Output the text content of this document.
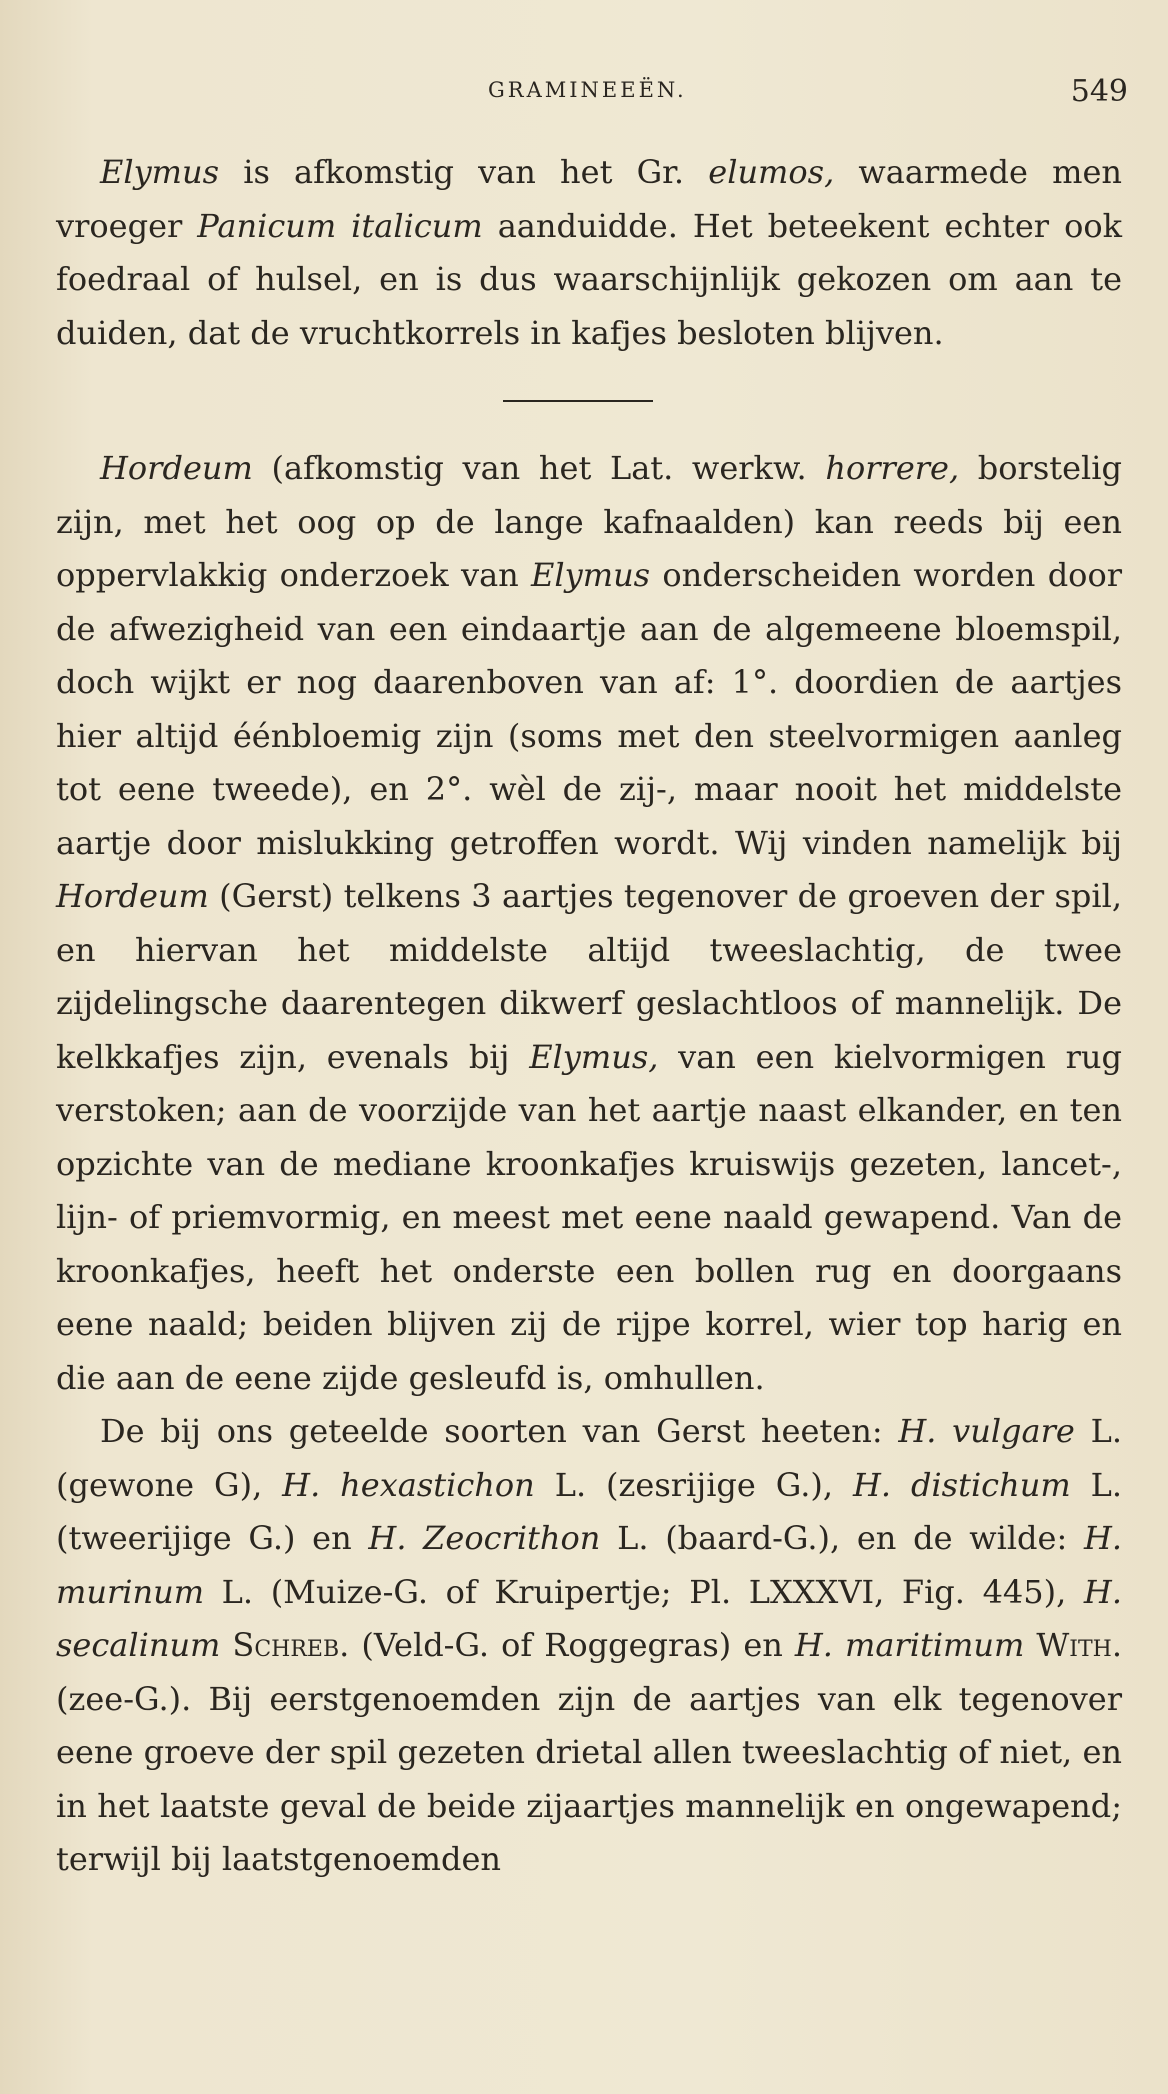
GRAMINEEËN.	549

Elymus is afkomstig van het Gr. elumos, waarmede men vroeger Panicum italicum aanduidde. Het beteekent echter ook foedraal of hulsel, en is dus waarschijnlijk gekozen om aan te duiden, dat de vruchtkorrels in kafjes besloten blijven.

Hordeum (afkomstig van het Lat. werkw. horrere, borstelig zijn, met het oog op de lange kafnaalden) kan reeds bij een oppervlakkig onderzoek van Elymus onderscheiden worden door de afwezigheid van een eindaartje aan de algemeene bloemspil, doch wijkt er nog daarenboven van af: 1°. doordien de aartjes hier altijd éénbloemig zijn (soms met den steelvormigen aanleg tot eene tweede), en 2°. wèl de zij-, maar nooit het middelste aartje door mislukking getroffen wordt. Wij vinden namelijk bij Hordeum (Gerst) telkens 3 aartjes tegenover de groeven der spil, en hiervan het middelste altijd tweeslachtig, de twee zijdelingsche daarentegen dikwerf geslachtloos of mannelijk. De kelkkafjes zijn, evenals bij Elymus, van een kielvormigen rug verstoken; aan de voorzijde van het aartje naast elkander, en ten opzichte van de mediane kroonkafjes kruiswijs gezeten, lancet-, lijn- of priemvormig, en meest met eene naald gewapend. Van de kroonkafjes, heeft het onderste een bollen rug en doorgaans eene naald; beiden blijven zij de rijpe korrel, wier top harig en die aan de eene zijde gesleufd is, omhullen.

De bij ons geteelde soorten van Gerst heeten: H. vulgare L. (gewone G), H. hexastichon L. (zesrijige G.), H. distichum L. (tweerijige G.) en H. Zeocrithon L. (baard-G.), en de wilde: H. murinum L. (Muize-G. of Kruipertje; Pl. LXXXVI, Fig. 445), H. secalinum Schreb. (Veld-G. of Roggegras) en H. maritimum With. (zee-G.). Bij eerstgenoemden zijn de aartjes van elk tegenover eene groeve der spil gezeten drietal allen tweeslachtig of niet, en in het laatste geval de beide zijaartjes mannelijk en ongewapend; terwijl bij laatstgenoemden
